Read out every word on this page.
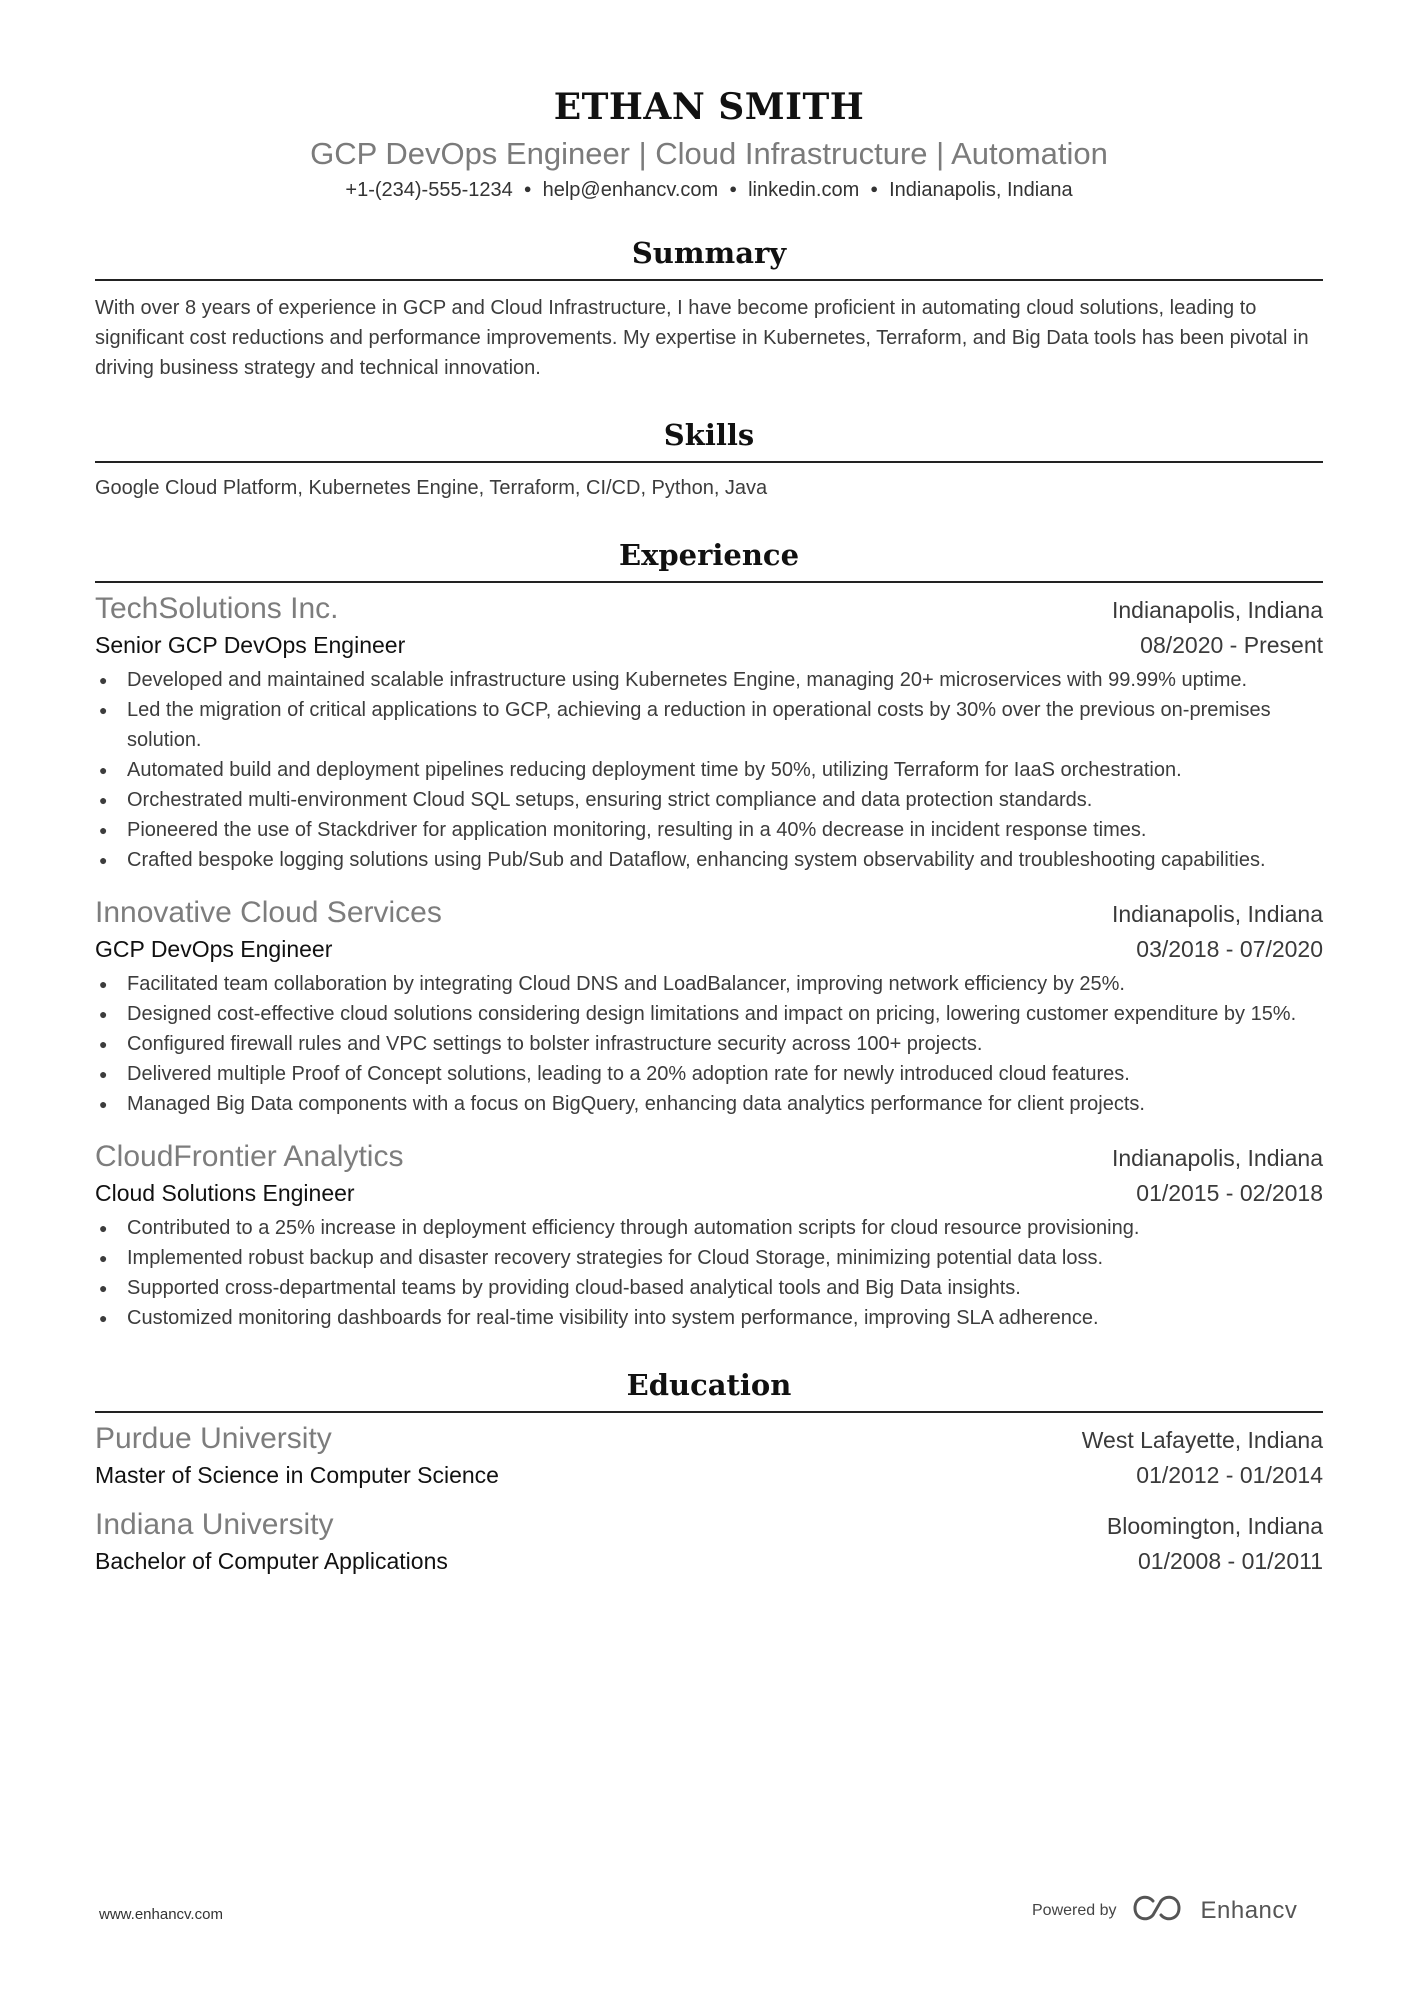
ETHAN SMITH
GCP DevOps Engineer | Cloud Infrastructure | Automation
+1-(234)-555-1234 ● help@enhancv.com ● linkedin.com ● Indianapolis, Indiana
Summary
With over 8 years of experience in GCP and Cloud Infrastructure, I have become proficient in automating cloud solutions, leading to significant cost reductions and performance improvements. My expertise in Kubernetes, Terraform, and Big Data tools has been pivotal in driving business strategy and technical innovation.
Skills
Google Cloud Platform, Kubernetes Engine, Terraform, CI/CD, Python, Java
Experience
TechSolutions Inc.	Indianapolis, Indiana
Senior GCP DevOps Engineer	08/2020 - Present
● Developed and maintained scalable infrastructure using Kubernetes Engine, managing 20+ microservices with 99.99% uptime.
● Led the migration of critical applications to GCP, achieving a reduction in operational costs by 30% over the previous on-premises solution.
● Automated build and deployment pipelines reducing deployment time by 50%, utilizing Terraform for IaaS orchestration.
● Orchestrated multi-environment Cloud SQL setups, ensuring strict compliance and data protection standards.
● Pioneered the use of Stackdriver for application monitoring, resulting in a 40% decrease in incident response times.
● Crafted bespoke logging solutions using Pub/Sub and Dataflow, enhancing system observability and troubleshooting capabilities.
Innovative Cloud Services	Indianapolis, Indiana
GCP DevOps Engineer	03/2018 - 07/2020
● Facilitated team collaboration by integrating Cloud DNS and LoadBalancer, improving network efficiency by 25%.
● Designed cost-effective cloud solutions considering design limitations and impact on pricing, lowering customer expenditure by 15%.
● Configured firewall rules and VPC settings to bolster infrastructure security across 100+ projects.
● Delivered multiple Proof of Concept solutions, leading to a 20% adoption rate for newly introduced cloud features.
● Managed Big Data components with a focus on BigQuery, enhancing data analytics performance for client projects.
CloudFrontier Analytics	Indianapolis, Indiana
Cloud Solutions Engineer	01/2015 - 02/2018
● Contributed to a 25% increase in deployment efficiency through automation scripts for cloud resource provisioning.
● Implemented robust backup and disaster recovery strategies for Cloud Storage, minimizing potential data loss.
● Supported cross-departmental teams by providing cloud-based analytical tools and Big Data insights.
● Customized monitoring dashboards for real-time visibility into system performance, improving SLA adherence.
Education
Purdue University	West Lafayette, Indiana
Master of Science in Computer Science	01/2012 - 01/2014
Indiana University	Bloomington, Indiana
Bachelor of Computer Applications	01/2008 - 01/2011
www.enhancv.com	Powered by	Enhancv
